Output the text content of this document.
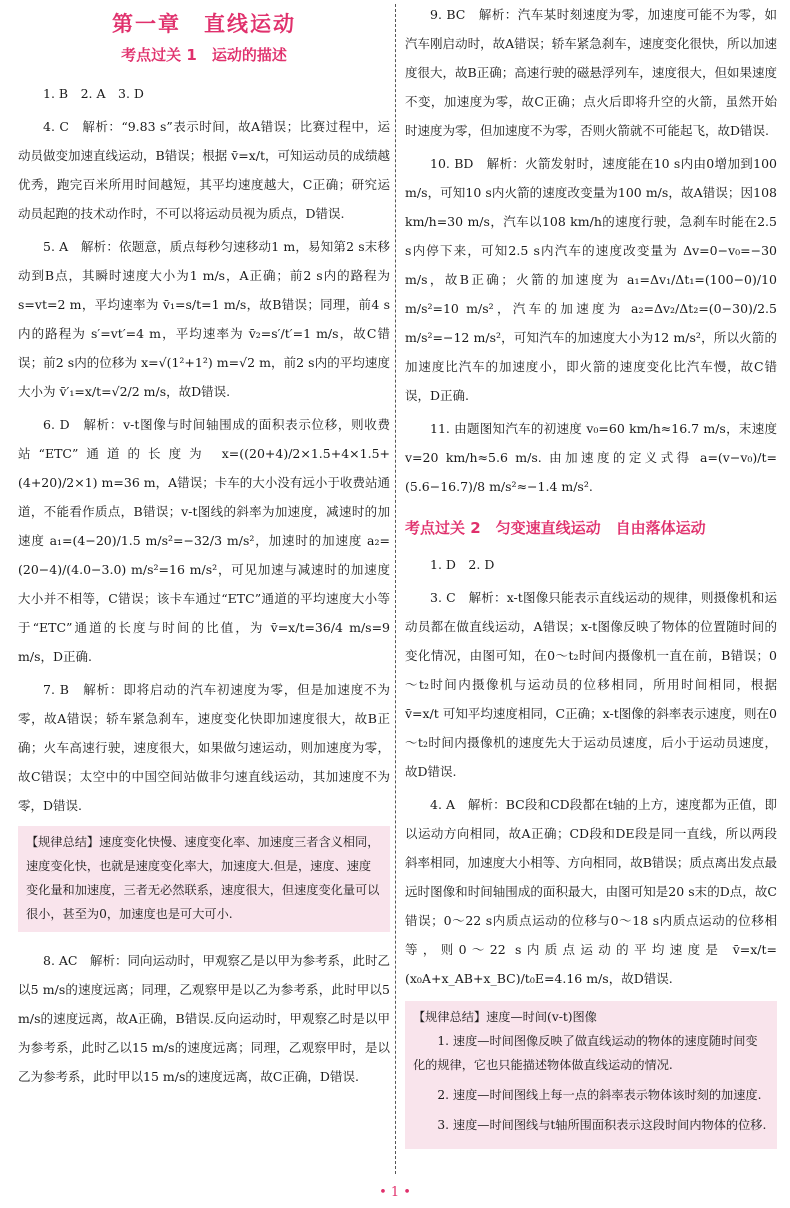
第一章　直线运动
考点过关 1　运动的描述

1. B　2. A　3. D

4. C　解析：“9.83 s”表示时间，故A错误；比赛过程中，运动员做变加速直线运动，B错误；根据 v̄=x/t，可知运动员的成绩越优秀，跑完百米所用时间越短，其平均速度越大，C正确；研究运动员起跑的技术动作时，不可以将运动员视为质点，D错误.

5. A　解析：依题意，质点每秒匀速移动1 m，易知第2 s末移动到B点，其瞬时速度大小为1 m/s，A正确；前2 s内的路程为 s=vt=2 m，平均速率为 v̄₁=s/t=1 m/s，故B错误；同理，前4 s内的路程为 s′=vt′=4 m，平均速率为 v̄₂=s′/t′=1 m/s，故C错误；前2 s内的位移为 x=√(1²+1²) m=√2 m，前2 s内的平均速度大小为 v̄′₁=x/t=√2/2 m/s，故D错误.

6. D　解析：v-t图像与时间轴围成的面积表示位移，则收费站“ETC”通道的长度为 x=((20+4)/2×1.5+4×1.5+(4+20)/2×1) m=36 m，A错误；卡车的大小没有远小于收费站通道，不能看作质点，B错误；v-t图线的斜率为加速度，减速时的加速度 a₁=(4−20)/1.5 m/s²=−32/3 m/s²，加速时的加速度 a₂=(20−4)/(4.0−3.0) m/s²=16 m/s²，可见加速与减速时的加速度大小并不相等，C错误；该卡车通过“ETC”通道的平均速度大小等于“ETC”通道的长度与时间的比值，为 v̄=x/t=36/4 m/s=9 m/s，D正确.

7. B　解析：即将启动的汽车初速度为零，但是加速度不为零，故A错误；轿车紧急刹车，速度变化快即加速度很大，故B正确；火车高速行驶，速度很大，如果做匀速运动，则加速度为零，故C错误；太空中的中国空间站做非匀速直线运动，其加速度不为零，D错误.

【规律总结】速度变化快慢、速度变化率、加速度三者含义相同，速度变化快，也就是速度变化率大，加速度大.但是，速度、速度变化量和加速度，三者无必然联系，速度很大，但速度变化量可以很小，甚至为0，加速度也是可大可小.

8. AC　解析：同向运动时，甲观察乙是以甲为参考系，此时乙以5 m/s的速度远离；同理，乙观察甲是以乙为参考系，此时甲以5 m/s的速度远离，故A正确，B错误.反向运动时，甲观察乙时是以甲为参考系，此时乙以15 m/s的速度远离；同理，乙观察甲时，是以乙为参考系，此时甲以15 m/s的速度远离，故C正确，D错误.

9. BC　解析：汽车某时刻速度为零，加速度可能不为零，如汽车刚启动时，故A错误；轿车紧急刹车，速度变化很快，所以加速度很大，故B正确；高速行驶的磁悬浮列车，速度很大，但如果速度不变，加速度为零，故C正确；点火后即将升空的火箭，虽然开始时速度为零，但加速度不为零，否则火箭就不可能起飞，故D错误.

10. BD　解析：火箭发射时，速度能在10 s内由0增加到100 m/s，可知10 s内火箭的速度改变量为100 m/s，故A错误；因108 km/h=30 m/s，汽车以108 km/h的速度行驶，急刹车时能在2.5 s内停下来，可知2.5 s内汽车的速度改变量为 Δv=0−v₀=−30 m/s，故B正确；火箭的加速度为 a₁=Δv₁/Δt₁=(100−0)/10 m/s²=10 m/s²，汽车的加速度为 a₂=Δv₂/Δt₂=(0−30)/2.5 m/s²=−12 m/s²，可知汽车的加速度大小为12 m/s²，所以火箭的加速度比汽车的加速度小，即火箭的速度变化比汽车慢，故C错误，D正确.

11. 由题图知汽车的初速度 v₀=60 km/h≈16.7 m/s，末速度 v=20 km/h≈5.6 m/s. 由加速度的定义式得 a=(v−v₀)/t=(5.6−16.7)/8 m/s²≈−1.4 m/s².

考点过关 2　匀变速直线运动　自由落体运动

1. D　2. D

3. C　解析：x-t图像只能表示直线运动的规律，则摄像机和运动员都在做直线运动，A错误；x-t图像反映了物体的位置随时间的变化情况，由图可知，在0～t₂时间内摄像机一直在前，B错误；0～t₂时间内摄像机与运动员的位移相同，所用时间相同，根据 v̄=x/t 可知平均速度相同，C正确；x-t图像的斜率表示速度，则在0～t₂时间内摄像机的速度先大于运动员速度，后小于运动员速度，故D错误.

4. A　解析：BC段和CD段都在t轴的上方，速度都为正值，即以运动方向相同，故A正确；CD段和DE段是同一直线，所以两段斜率相同，加速度大小相等、方向相同，故B错误；质点离出发点最远时图像和时间轴围成的面积最大，由图可知是20 s末的D点，故C错误；0～22 s内质点运动的位移与0～18 s内质点运动的位移相等，则0～22 s内质点运动的平均速度是 v̄=x/t=(x₀A+x_AB+x_BC)/t₀E=4.16 m/s，故D错误.

【规律总结】速度—时间(v-t)图像
1. 速度—时间图像反映了做直线运动的物体的速度随时间变化的规律，它也只能描述物体做直线运动的情况.
2. 速度—时间图线上每一点的斜率表示物体该时刻的加速度.
3. 速度—时间图线与t轴所围面积表示这段时间内物体的位移.
• 1 •
